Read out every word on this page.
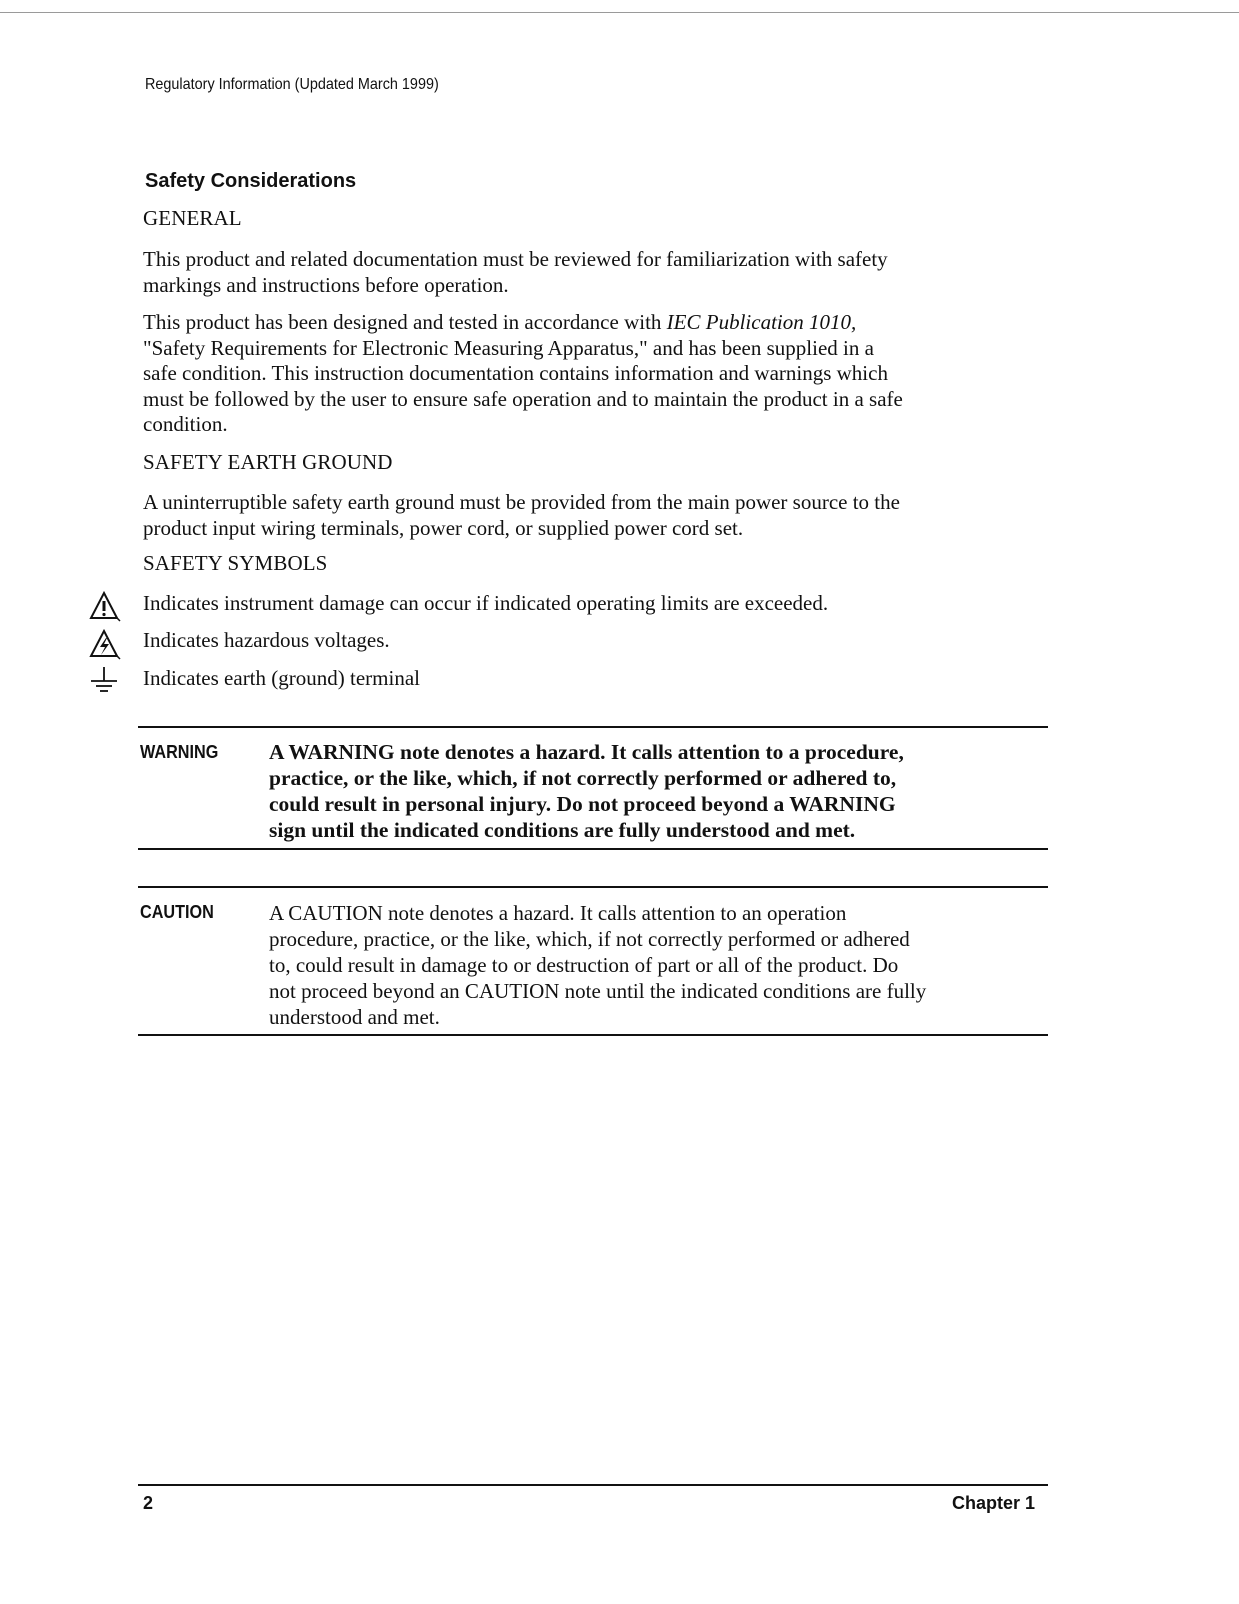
Regulatory Information (Updated March 1999)
Safety Considerations
GENERAL
This product and related documentation must be reviewed for familiarization with safety
markings and instructions before operation.
This product has been designed and tested in accordance with IEC Publication 1010,
"Safety Requirements for Electronic Measuring Apparatus," and has been supplied in a
safe condition. This instruction documentation contains information and warnings which
must be followed by the user to ensure safe operation and to maintain the product in a safe
condition.
SAFETY EARTH GROUND
A uninterruptible safety earth ground must be provided from the main power source to the
product input wiring terminals, power cord, or supplied power cord set.
SAFETY SYMBOLS
Indicates instrument damage can occur if indicated operating limits are exceeded.
Indicates hazardous voltages.
Indicates earth (ground) terminal
WARNING A WARNING note denotes a hazard. It calls attention to a procedure,
practice, or the like, which, if not correctly performed or adhered to,
could result in personal injury. Do not proceed beyond a WARNING
sign until the indicated conditions are fully understood and met.
CAUTION	A CAUTION note denotes a hazard. It calls attention to an operation
procedure, practice, or the like, which, if not correctly performed or adhered
to, could result in damage to or destruction of part or all of the product. Do
not proceed beyond an CAUTION note until the indicated conditions are fully
understood and met.
2	Chapter 1
